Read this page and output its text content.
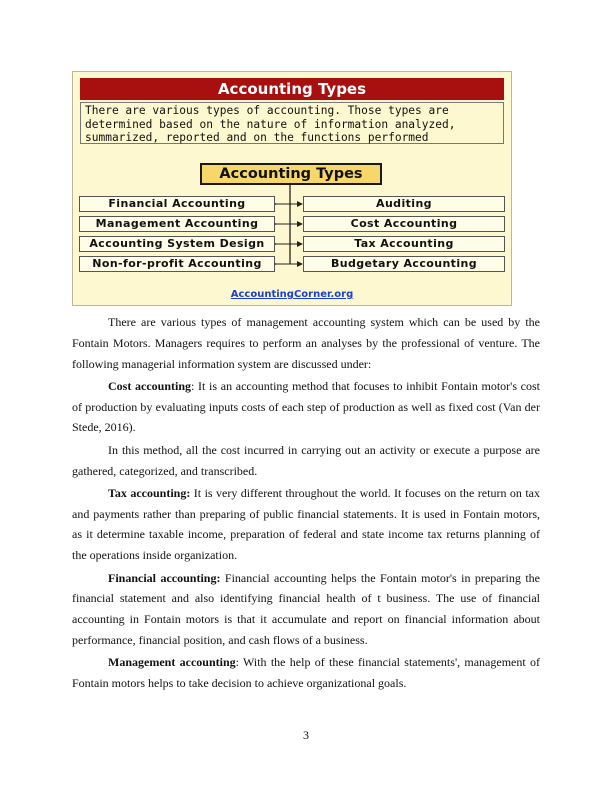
Accounting Types
There are various types of accounting. Those types are determined based on the nature of information analyzed, summarized, reported and on the functions performed
Accounting Types
Financial Accounting
Management Accounting
Accounting System Design
Non-for-profit Accounting
Auditing
Cost Accounting
Tax Accounting
Budgetary Accounting
AccountingCorner.org

There are various types of management accounting system which can be used by the Fontain Motors. Managers requires to perform an analyses by the professional of venture. The following managerial information system are discussed under:

Cost accounting: It is an accounting method that focuses to inhibit Fontain motor's cost of production by evaluating inputs costs of each step of production as well as fixed cost (Van der Stede, 2016).

In this method, all the cost incurred in carrying out an activity or execute a purpose are gathered, categorized, and transcribed.

Tax accounting: It is very different throughout the world. It focuses on the return on tax and payments rather than preparing of public financial statements. It is used in Fontain motors, as it determine taxable income, preparation of federal and state income tax returns planning of the operations inside organization.

Financial accounting: Financial accounting helps the Fontain motor's in preparing the financial statement and also identifying financial health of t business. The use of financial accounting in Fontain motors is that it accumulate and report on financial information about performance, financial position, and cash flows of a business.

Management accounting: With the help of these financial statements', management of Fontain motors helps to take decision to achieve organizational goals.

3
